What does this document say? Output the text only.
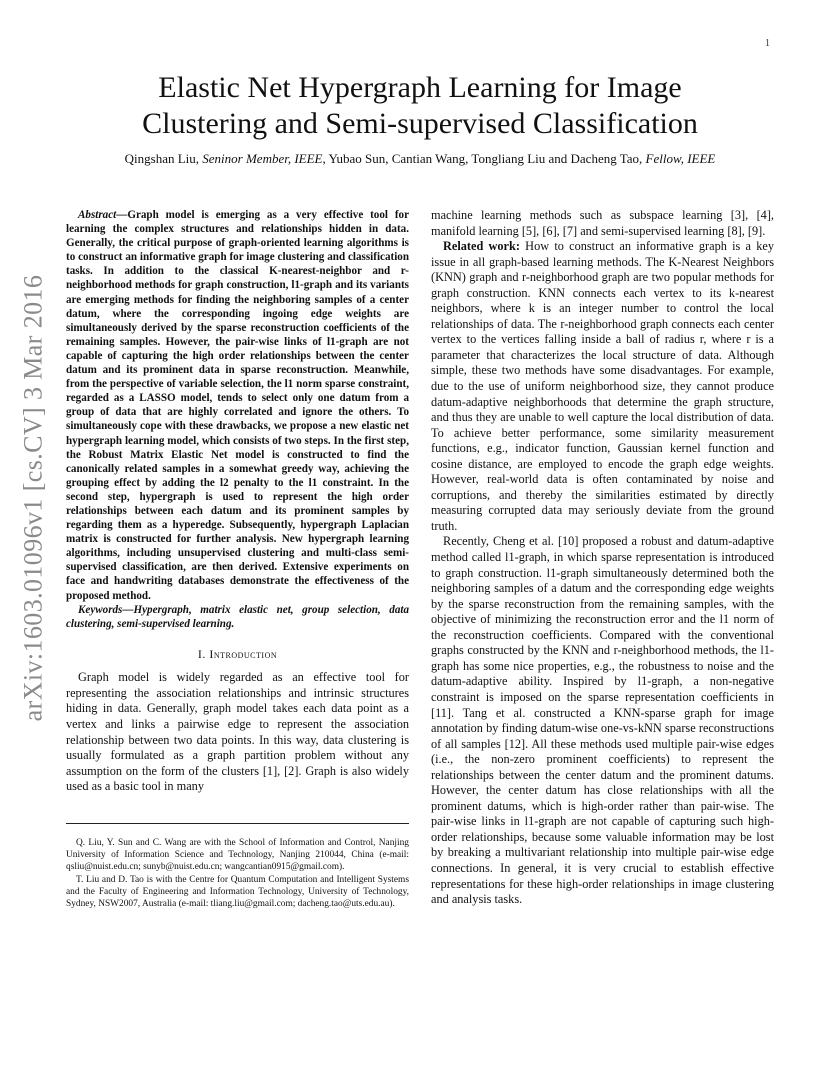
1
arXiv:1603.01096v1 [cs.CV] 3 Mar 2016
Elastic Net Hypergraph Learning for Image
Clustering and Semi-supervised Classification
Qingshan Liu, Seninor Member, IEEE, Yubao Sun, Cantian Wang, Tongliang Liu and Dacheng Tao, Fellow, IEEE

Abstract—Graph model is emerging as a very effective tool for learning the complex structures and relationships hidden in data. Generally, the critical purpose of graph-oriented learning algorithms is to construct an informative graph for image clustering and classification tasks. In addition to the classical K-nearest-neighbor and r-neighborhood methods for graph construction, l1-graph and its variants are emerging methods for finding the neighboring samples of a center datum, where the corresponding ingoing edge weights are simultaneously derived by the sparse reconstruction coefficients of the remaining samples. However, the pair-wise links of l1-graph are not capable of capturing the high order relationships between the center datum and its prominent data in sparse reconstruction. Meanwhile, from the perspective of variable selection, the l1 norm sparse constraint, regarded as a LASSO model, tends to select only one datum from a group of data that are highly correlated and ignore the others. To simultaneously cope with these drawbacks, we propose a new elastic net hypergraph learning model, which consists of two steps. In the first step, the Robust Matrix Elastic Net model is constructed to find the canonically related samples in a somewhat greedy way, achieving the grouping effect by adding the l2 penalty to the l1 constraint. In the second step, hypergraph is used to represent the high order relationships between each datum and its prominent samples by regarding them as a hyperedge. Subsequently, hypergraph Laplacian matrix is constructed for further analysis. New hypergraph learning algorithms, including unsupervised clustering and multi-class semi-supervised classification, are then derived. Extensive experiments on face and handwriting databases demonstrate the effectiveness of the proposed method.

Keywords—Hypergraph, matrix elastic net, group selection, data clustering, semi-supervised learning.

I. Introduction

Graph model is widely regarded as an effective tool for representing the association relationships and intrinsic structures hiding in data. Generally, graph model takes each data point as a vertex and links a pairwise edge to represent the association relationship between two data points. In this way, data clustering is usually formulated as a graph partition problem without any assumption on the form of the clusters [1], [2]. Graph is also widely used as a basic tool in many

Q. Liu, Y. Sun and C. Wang are with the School of Information and Control, Nanjing University of Information Science and Technology, Nanjing 210044, China (e-mail: qsliu@nuist.edu.cn; sunyb@nuist.edu.cn; wangcantian0915@gmail.com).

T. Liu and D. Tao is with the Centre for Quantum Computation and Intelligent Systems and the Faculty of Engineering and Information Technology, University of Technology, Sydney, NSW2007, Australia (e-mail: tliang.liu@gmail.com; dacheng.tao@uts.edu.au).

machine learning methods such as subspace learning [3], [4], manifold learning [5], [6], [7] and semi-supervised learning [8], [9].

Related work: How to construct an informative graph is a key issue in all graph-based learning methods. The K-Nearest Neighbors (KNN) graph and r-neighborhood graph are two popular methods for graph construction. KNN connects each vertex to its k-nearest neighbors, where k is an integer number to control the local relationships of data. The r-neighborhood graph connects each center vertex to the vertices falling inside a ball of radius r, where r is a parameter that characterizes the local structure of data. Although simple, these two methods have some disadvantages. For example, due to the use of uniform neighborhood size, they cannot produce datum-adaptive neighborhoods that determine the graph structure, and thus they are unable to well capture the local distribution of data. To achieve better performance, some similarity measurement functions, e.g., indicator function, Gaussian kernel function and cosine distance, are employed to encode the graph edge weights. However, real-world data is often contaminated by noise and corruptions, and thereby the similarities estimated by directly measuring corrupted data may seriously deviate from the ground truth.

Recently, Cheng et al. [10] proposed a robust and datum-adaptive method called l1-graph, in which sparse representation is introduced to graph construction. l1-graph simultaneously determined both the neighboring samples of a datum and the corresponding edge weights by the sparse reconstruction from the remaining samples, with the objective of minimizing the reconstruction error and the l1 norm of the reconstruction coefficients. Compared with the conventional graphs constructed by the KNN and r-neighborhood methods, the l1-graph has some nice properties, e.g., the robustness to noise and the datum-adaptive ability. Inspired by l1-graph, a non-negative constraint is imposed on the sparse representation coefficients in [11]. Tang et al. constructed a KNN-sparse graph for image annotation by finding datum-wise one-vs-kNN sparse reconstructions of all samples [12]. All these methods used multiple pair-wise edges (i.e., the non-zero prominent coefficients) to represent the relationships between the center datum and the prominent datums. However, the center datum has close relationships with all the prominent datums, which is high-order rather than pair-wise. The pair-wise links in l1-graph are not capable of capturing such high-order relationships, because some valuable information may be lost by breaking a multivariant relationship into multiple pair-wise edge connections. In general, it is very crucial to establish effective representations for these high-order relationships in image clustering and analysis tasks.
